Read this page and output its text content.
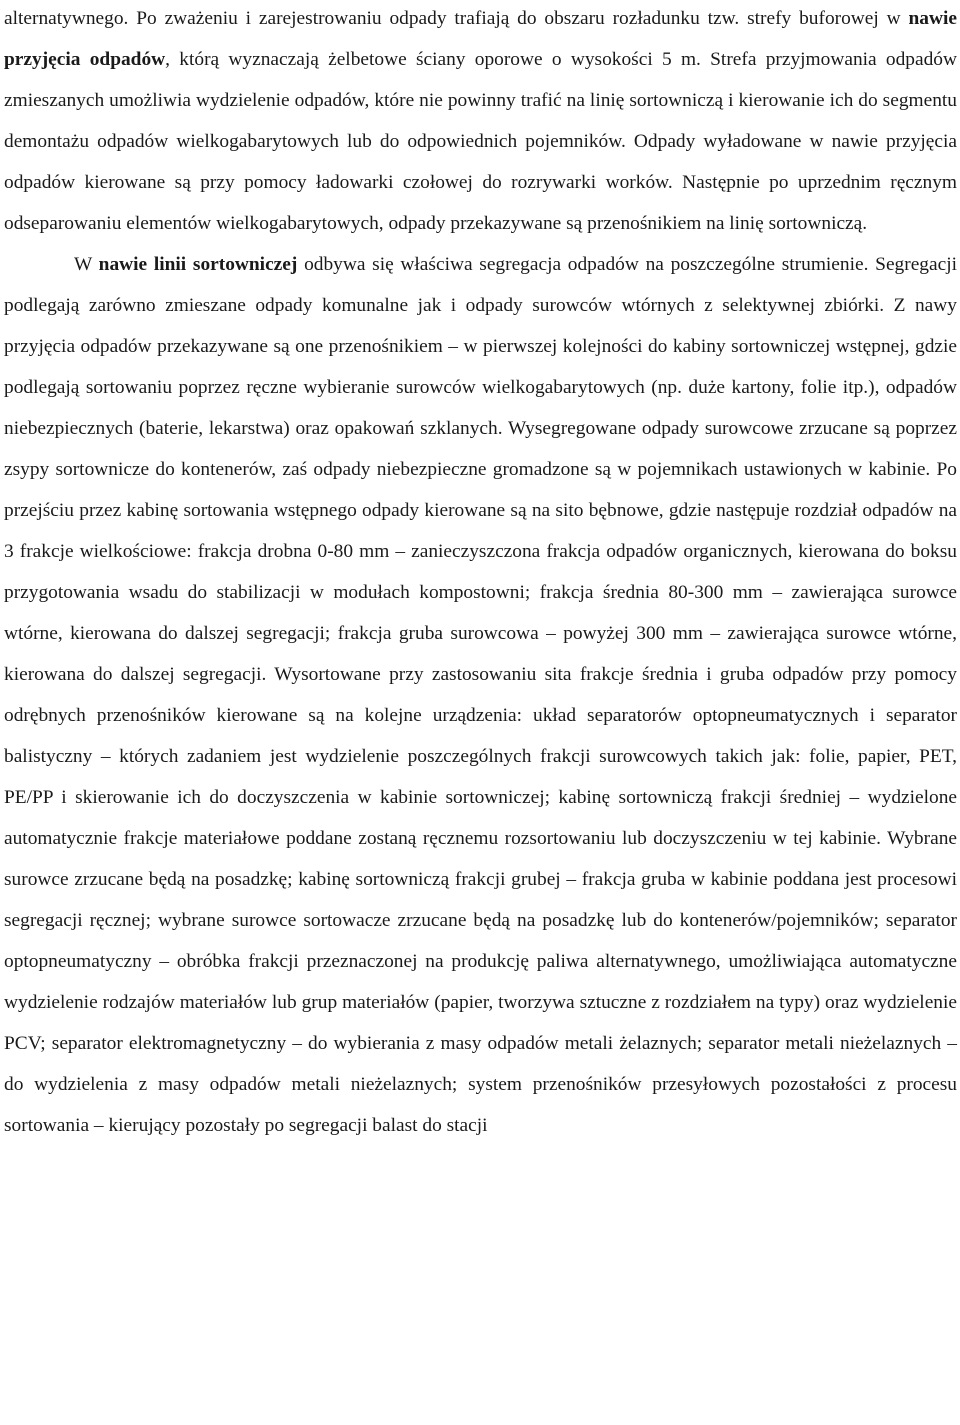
alternatywnego. Po zważeniu i zarejestrowaniu odpady trafiają do obszaru rozładunku tzw. strefy buforowej w nawie przyjęcia odpadów, którą wyznaczają żelbetowe ściany oporowe o wysokości 5 m. Strefa przyjmowania odpadów zmieszanych umożliwia wydzielenie odpadów, które nie powinny trafić na linię sortowniczą i kierowanie ich do segmentu demontażu odpadów wielkogabarytowych lub do odpowiednich pojemników. Odpady wyładowane w nawie przyjęcia odpadów kierowane są przy pomocy ładowarki czołowej do rozrywarki worków. Następnie po uprzednim ręcznym odseparowaniu elementów wielkogabarytowych, odpady przekazywane są przenośnikiem na linię sortowniczą.

W nawie linii sortowniczej odbywa się właściwa segregacja odpadów na poszczególne strumienie. Segregacji podlegają zarówno zmieszane odpady komunalne jak i odpady surowców wtórnych z selektywnej zbiórki. Z nawy przyjęcia odpadów przekazywane są one przenośnikiem – w pierwszej kolejności do kabiny sortowniczej wstępnej, gdzie podlegają sortowaniu poprzez ręczne wybieranie surowców wielkogabarytowych (np. duże kartony, folie itp.), odpadów niebezpiecznych (baterie, lekarstwa) oraz opakowań szklanych. Wysegregowane odpady surowcowe zrzucane są poprzez zsypy sortownicze do kontenerów, zaś odpady niebezpieczne gromadzone są w pojemnikach ustawionych w kabinie. Po przejściu przez kabinę sortowania wstępnego odpady kierowane są na sito bębnowe, gdzie następuje rozdział odpadów na 3 frakcje wielkościowe: frakcja drobna 0-80 mm – zanieczyszczona frakcja odpadów organicznych, kierowana do boksu przygotowania wsadu do stabilizacji w modułach kompostowni; frakcja średnia 80-300 mm – zawierająca surowce wtórne, kierowana do dalszej segregacji; frakcja gruba surowcowa – powyżej 300 mm – zawierająca surowce wtórne, kierowana do dalszej segregacji. Wysortowane przy zastosowaniu sita frakcje średnia i gruba odpadów przy pomocy odrębnych przenośników kierowane są na kolejne urządzenia: układ separatorów optopneumatycznych i separator balistyczny – których zadaniem jest wydzielenie poszczególnych frakcji surowcowych takich jak: folie, papier, PET, PE/PP i skierowanie ich do doczyszczenia w kabinie sortowniczej; kabinę sortowniczą frakcji średniej – wydzielone automatycznie frakcje materiałowe poddane zostaną ręcznemu rozsortowaniu lub doczyszczeniu w tej kabinie. Wybrane surowce zrzucane będą na posadzkę; kabinę sortowniczą frakcji grubej – frakcja gruba w kabinie poddana jest procesowi segregacji ręcznej; wybrane surowce sortowacze zrzucane będą na posadzkę lub do kontenerów/pojemników; separator optopneumatyczny – obróbka frakcji przeznaczonej na produkcję paliwa alternatywnego, umożliwiająca automatyczne wydzielenie rodzajów materiałów lub grup materiałów (papier, tworzywa sztuczne z rozdziałem na typy) oraz wydzielenie PCV; separator elektromagnetyczny – do wybierania z masy odpadów metali żelaznych; separator metali nieżelaznych – do wydzielenia z masy odpadów metali nieżelaznych; system przenośników przesyłowych pozostałości z procesu sortowania – kierujący pozostały po segregacji balast do stacji
